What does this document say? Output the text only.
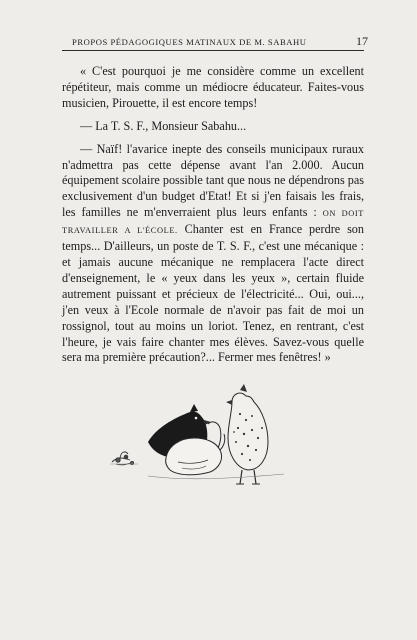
PROPOS PÉDAGOGIQUES MATINAUX DE M. SABAHU	17

« C'est pourquoi je me considère comme un excellent répétiteur, mais comme un médiocre éducateur. Faites-vous musicien, Pirouette, il est encore temps!

— La T. S. F., Monsieur Sabahu...

— Naïf! l'avarice inepte des conseils municipaux ruraux n'admettra pas cette dépense avant l'an 2.000. Aucun équipement scolaire possible tant que nous ne dépendrons pas exclusivement d'un budget d'Etat! Et si j'en faisais les frais, les familles ne m'enverraient plus leurs enfants : ON DOIT TRAVAILLER A L'ÉCOLE. Chanter est en France perdre son temps... D'ailleurs, un poste de T. S. F., c'est une mécanique : et jamais aucune mécanique ne remplacera l'acte direct d'enseignement, le « yeux dans les yeux », certain fluide autrement puissant et précieux de l'électricité... Oui, oui..., j'en veux à l'Ecole normale de n'avoir pas fait de moi un rossignol, tout au moins un loriot. Tenez, en rentrant, c'est l'heure, je vais faire chanter mes élèves. Savez-vous quelle sera ma première précaution?... Fermer mes fenêtres! »
